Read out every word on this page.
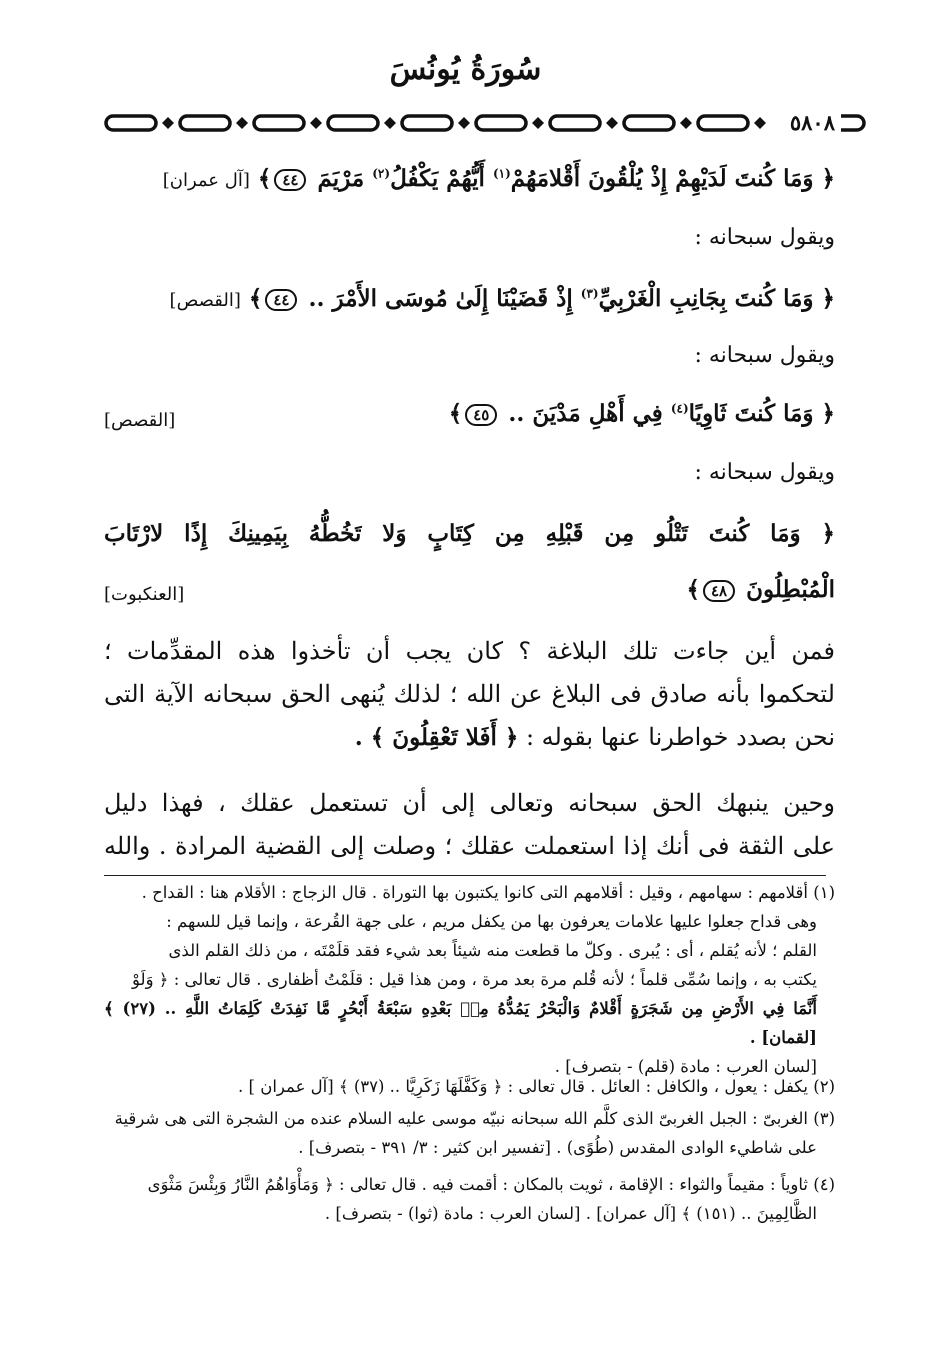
سُورَةُ يُونُسَ
٥٨٠٨
﴿ وَمَا كُنتَ لَدَيْهِمْ إِذْ يُلْقُونَ أَقْلامَهُمْ$^{(١)}$ أَيُّهُمْ يَكْفُلُ$^{(٢)}$ مَرْيَمَ ٤٤﴾ [آل عمران]
ويقول سبحانه :
﴿ وَمَا كُنتَ بِجَانِبِ الْغَرْبِيِّ$^{(٣)}$ إِذْ قَضَيْنَا إِلَىٰ مُوسَى الأَمْرَ .. ٤٤﴾ [القصص]
ويقول سبحانه :
﴿ وَمَا كُنتَ ثَاوِيًا$^{(٤)}$ فِي أَهْلِ مَدْيَنَ .. ٤٥﴾
[القصص]
ويقول سبحانه :
﴿ وَمَا كُنتَ تَتْلُو مِن قَبْلِهِ مِن كِتَابٍ وَلا تَخُطُّهُ بِيَمِينِكَ إِذًا لارْتَابَ
الْمُبْطِلُونَ ٤٨﴾
[العنكبوت]
فمن أين جاءت تلك البلاغة ؟ كان يجب أن تأخذوا هذه المقدِّمات ؛
لتحكموا بأنه صادق فى البلاغ عن الله ؛ لذلك يُنهى الحق سبحانه الآية التى
نحن بصدد خواطرنا عنها بقوله : ﴿ أَفَلا تَعْقِلُونَ ﴾ .
وحين ينبهك الحق سبحانه وتعالى إلى أن تستعمل عقلك ، فهذا دليل
على الثقة فى أنك إذا استعملت عقلك ؛ وصلت إلى القضية المرادة . والله
(١) أقلامهم : سهامهم ، وقيل : أقلامهم التى كانوا يكتبون بها التوراة . قال الزجاج : الأقلام هنا : القداح .
وهى قداح جعلوا عليها علامات يعرفون بها من يكفل مريم ، على جهة القُرعة ، وإنما قيل للسهم :
القلم ؛ لأنه يُقلم ، أى : يُبرى . وكلّ ما قطعت منه شيئاً بعد شيء فقد قلَمْتَه ، من ذلك القلم الذى
يكتب به ، وإنما سُمِّى قلماً ؛ لأنه قُلم مرة بعد مرة ، ومن هذا قيل : قلَمْتُ أظفارى . قال تعالى : ﴿ وَلَوْ
أَنَّمَا فِي الأَرْضِ مِن شَجَرَةٍ أَقْلامٌ وَالْبَحْرُ يَمُدُّهُ مِنۢ بَعْدِهِ سَبْعَةُ أَبْحُرٍ مَّا نَفِدَتْ كَلِمَاتُ اللَّهِ .. (٢٧) ﴾ [لقمان] .
[لسان العرب : مادة (قلم) - بتصرف] .
(٢) يكفل : يعول ، والكافل : العائل . قال تعالى : ﴿ وَكَفَّلَهَا زَكَرِيَّا .. (٣٧) ﴾ [آل عمران ] .
(٣) الغربىّ : الجبل الغربىّ الذى كلَّم الله سبحانه نبيّه موسى عليه السلام عنده من الشجرة التى هى شرقية
على شاطيء الوادى المقدس (طُوًى) . [تفسير ابن كثير : ٣/ ٣٩١ - بتصرف] .
(٤) ثاوياً : مقيماً والثواء : الإقامة ، ثويت بالمكان : أقمت فيه . قال تعالى : ﴿ وَمَأْوَاهُمُ النَّارُ وَبِئْسَ مَثْوَى
الظَّالِمِينَ .. (١٥١) ﴾ [آل عمران] . [لسان العرب : مادة (ثوا) - بتصرف] .
